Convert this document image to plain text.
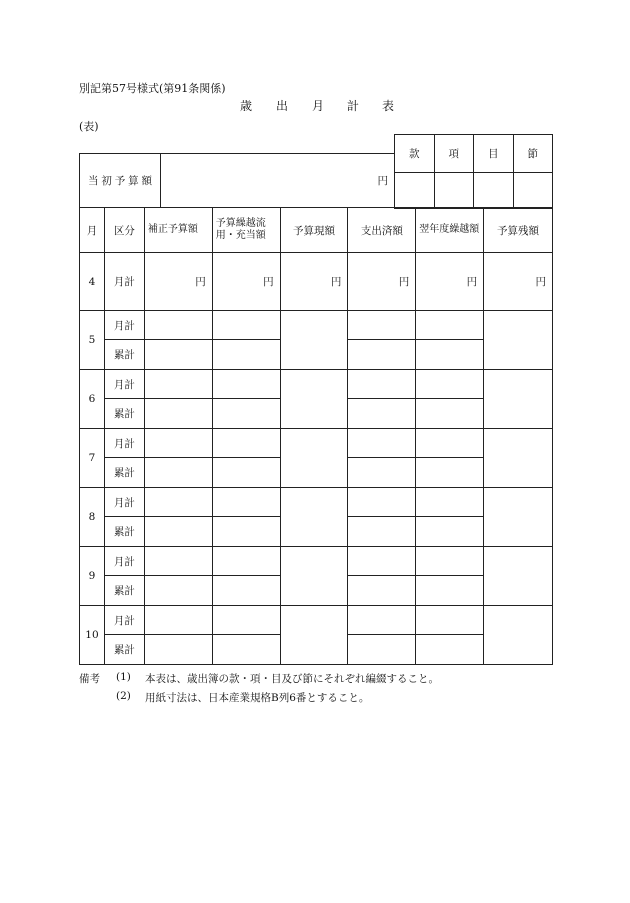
別記第57号様式(第91条関係)
歳 出 月 計 表
(表)
款	項	目	節

当 初 予 算 額	円
月	区分	補正予算額	予算繰越流用・充当額	予算現額	支出済額	翌年度繰越額	予算残額
4	月計	円	円	円	円	円	円
5	月計						
	累計						
6	月計						
	累計						
7	月計						
	累計						
8	月計						
	累計						
9	月計						
	累計						
10	月計						
	累計						
備考 (1) 本表は、歳出簿の款・項・目及び節にそれぞれ編綴すること。
(2) 用紙寸法は、日本産業規格B列6番とすること。
